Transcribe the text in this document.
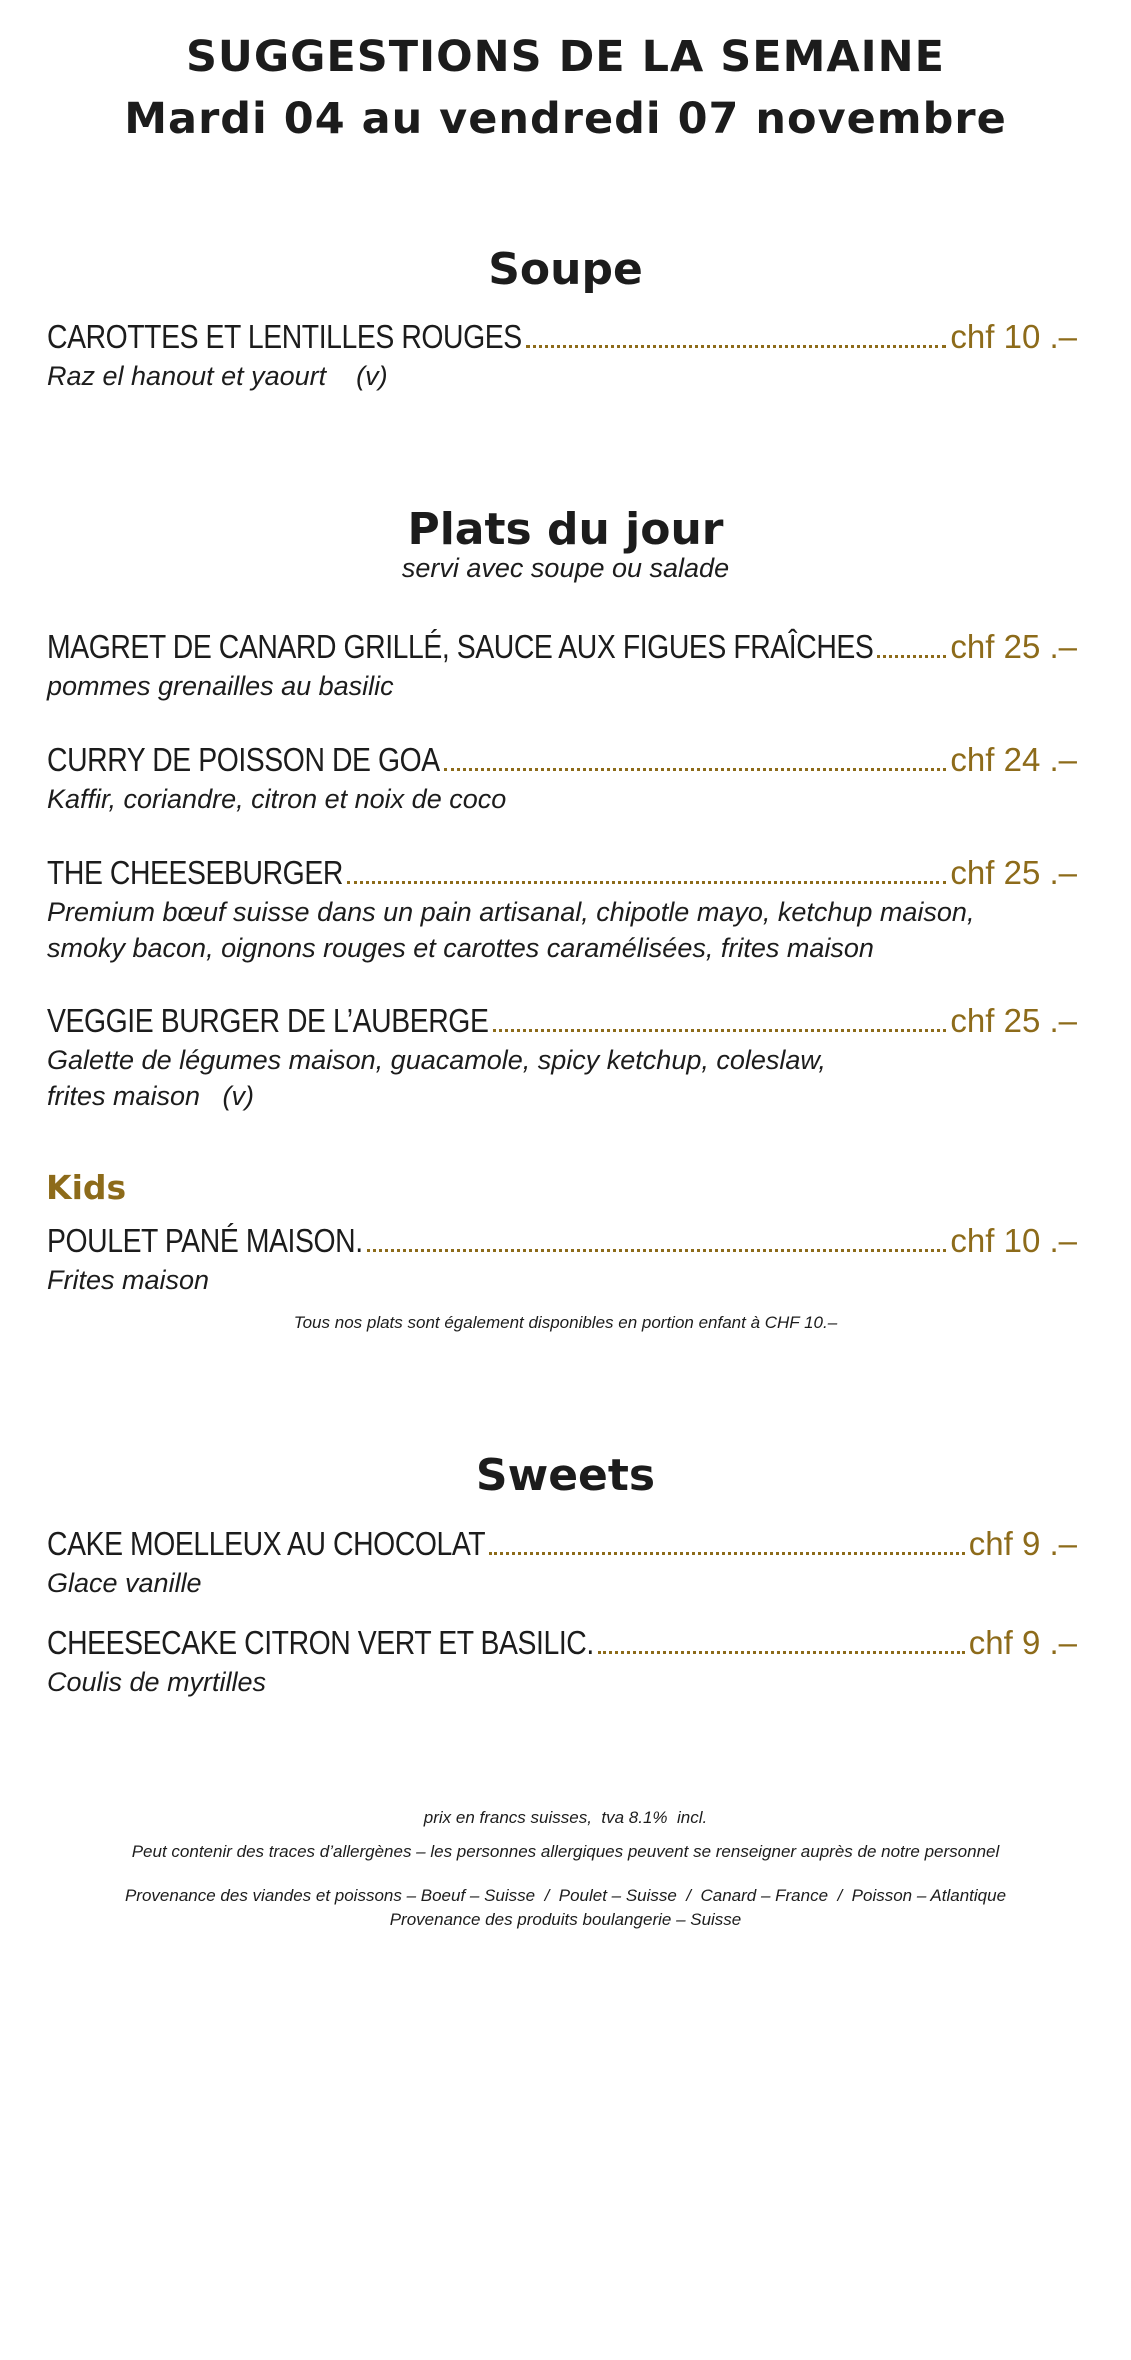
SUGGESTIONS DE LA SEMAINE
Mardi 04 au vendredi 07 novembre
Soupe
CAROTTES ET LENTILLES ROUGES	chf 10 .–
Raz el hanout et yaourt    (v)
Plats du jour
servi avec soupe ou salade
MAGRET DE CANARD GRILLÉ, SAUCE AUX FIGUES FRAÎCHES chf 25 .–
pommes grenailles au basilic
CURRY DE POISSON DE GOA	chf 24 .–
Kaffir, coriandre, citron et noix de coco
THE CHEESEBURGER	chf 25 .–
Premium bœuf suisse dans un pain artisanal, chipotle mayo, ketchup maison,
smoky bacon, oignons rouges et carottes caramélisées, frites maison
VEGGIE BURGER DE L’AUBERGE	chf 25 .–
Galette de légumes maison, guacamole, spicy ketchup, coleslaw,
frites maison   (v)
Kids
POULET PANÉ MAISON.	chf 10 .–
Frites maison
Tous nos plats sont également disponibles en portion enfant à CHF 10.–
Sweets
CAKE MOELLEUX AU CHOCOLAT	chf 9 .–
Glace vanille
CHEESECAKE CITRON VERT ET BASILIC.	chf 9 .–
Coulis de myrtilles
prix en francs suisses,  tva 8.1%  incl.
Peut contenir des traces d’allergènes – les personnes allergiques peuvent se renseigner auprès de notre personnel
Provenance des viandes et poissons – Boeuf – Suisse  /  Poulet – Suisse  /  Canard – France  /  Poisson – Atlantique
Provenance des produits boulangerie – Suisse
